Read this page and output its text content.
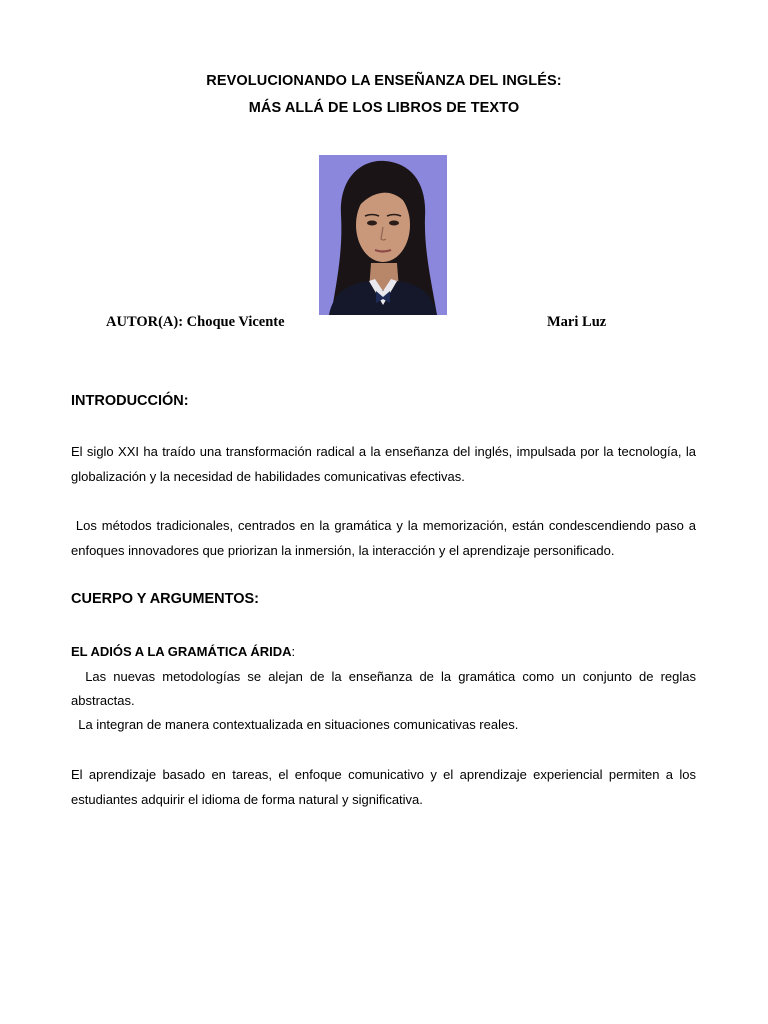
REVOLUCIONANDO LA ENSEÑANZA DEL INGLÉS:
MÁS ALLÁ DE LOS LIBROS DE TEXTO
AUTOR(A): Choque Vicente	Mari Luz
INTRODUCCIÓN:
El siglo XXI ha traído una transformación radical a la enseñanza del inglés, impulsada por la tecnología, la globalización y la necesidad de habilidades comunicativas efectivas.
Los métodos tradicionales, centrados en la gramática y la memorización, están condescendiendo paso a enfoques innovadores que priorizan la inmersión, la interacción y el aprendizaje personificado.
CUERPO Y ARGUMENTOS:
EL ADIÓS A LA GRAMÁTICA ÁRIDA:
Las nuevas metodologías se alejan de la enseñanza de la gramática como un conjunto de reglas
abstractas.
La integran de manera contextualizada en situaciones comunicativas reales.
El aprendizaje basado en tareas, el enfoque comunicativo y el aprendizaje experiencial permiten a los estudiantes adquirir el idioma de forma natural y significativa.
